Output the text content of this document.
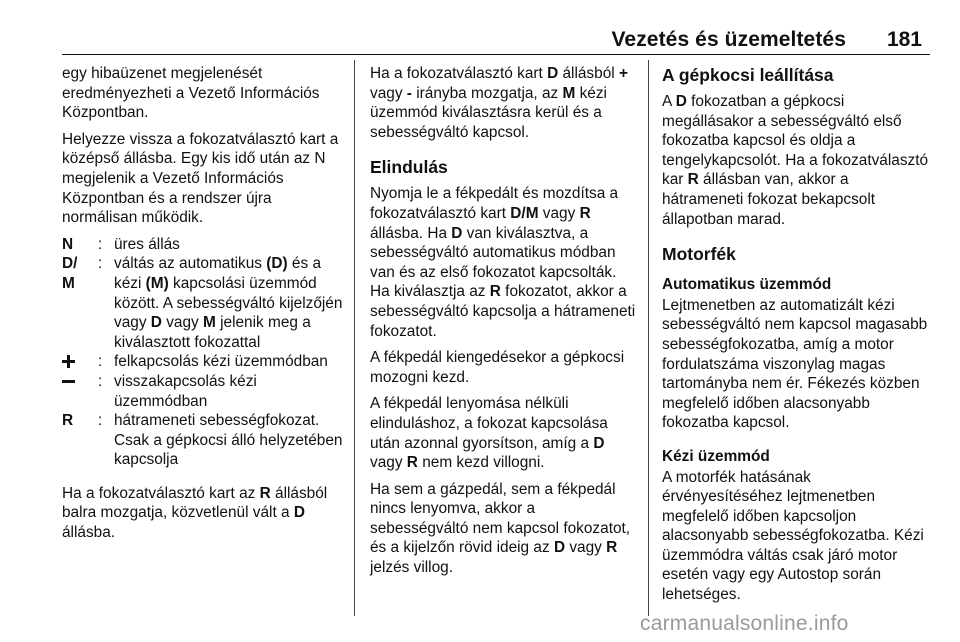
Vezetés és üzemeltetés 181

egy hibaüzenet megjelenését eredményezheti a Vezető Információs Központban.

Helyezze vissza a fokozatválasztó kart a középső állásba. Egy kis idő után az N megjelenik a Vezető Információs Központban és a rendszer újra normálisan működik.

N	: üres állás
D/
M
: váltás az automatikus (D) és a kézi (M) kapcsolási üzemmód között. A sebességváltó kijelzőjén vagy D vagy M jelenik meg a kiválasztott fokozattal
: felkapcsolás kézi üzemmódban
: visszakapcsolás kézi üzemmódban
R	: hátrameneti sebességfokozat. Csak a gépkocsi álló helyzetében kapcsolja

Ha a fokozatválasztó kart az R állásból balra mozgatja, közvetlenül vált a D állásba.

Ha a fokozatválasztó kart D állásból + vagy - irányba mozgatja, az M kézi üzemmód kiválasztásra kerül és a sebességváltó kapcsol.

Elindulás

Nyomja le a fékpedált és mozdítsa a fokozatválasztó kart D/M vagy R állásba. Ha D van kiválasztva, a sebességváltó automatikus módban van és az első fokozatot kapcsolták. Ha kiválasztja az R fokozatot, akkor a sebességváltó kapcsolja a hátrameneti fokozatot.

A fékpedál kiengedésekor a gépkocsi mozogni kezd.

A fékpedál lenyomása nélküli elinduláshoz, a fokozat kapcsolása után azonnal gyorsítson, amíg a D vagy R nem kezd villogni.

Ha sem a gázpedál, sem a fékpedál nincs lenyomva, akkor a sebességváltó nem kapcsol fokozatot, és a kijelzőn rövid ideig az D vagy R jelzés villog.

A gépkocsi leállítása

A D fokozatban a gépkocsi megállásakor a sebességváltó első fokozatba kapcsol és oldja a tengelykapcsolót. Ha a fokozatválasztó kar R állásban van, akkor a hátrameneti fokozat bekapcsolt állapotban marad.

Motorfék
Automatikus üzemmód

Lejtmenetben az automatizált kézi sebességváltó nem kapcsol magasabb sebességfokozatba, amíg a motor fordulatszáma viszonylag magas tartományba nem ér. Fékezés közben megfelelő időben alacsonyabb fokozatba kapcsol.

Kézi üzemmód

A motorfék hatásának érvényesítéséhez lejtmenetben megfelelő időben kapcsoljon alacsonyabb sebességfokozatba. Kézi üzemmódra váltás csak járó motor esetén vagy egy Autostop során lehetséges.

carmanualsonline.info
